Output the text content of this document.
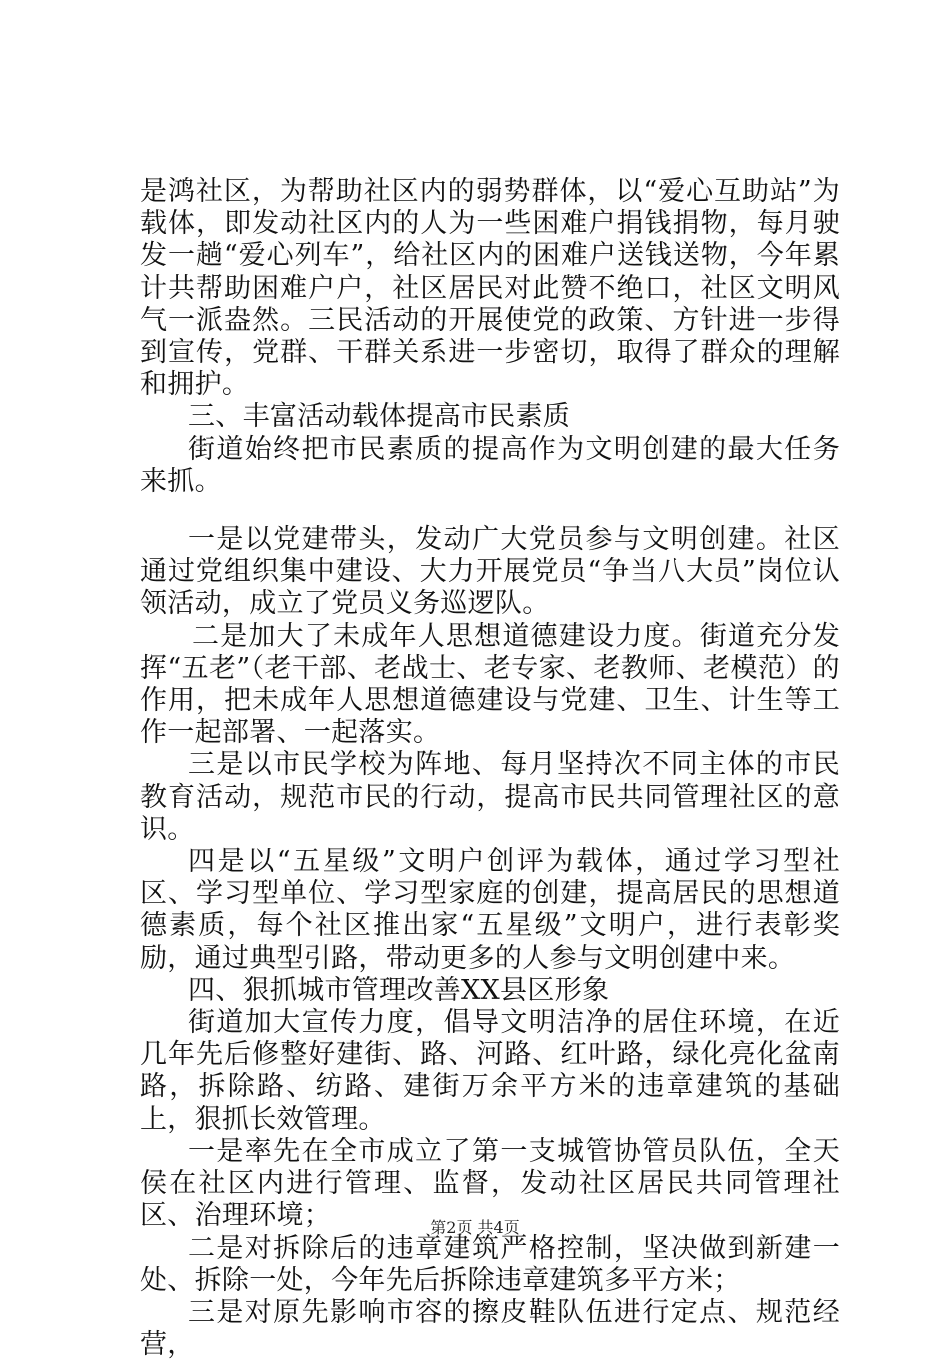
是鸿社区，为帮助社区内的弱势群体，以“爱心互助站”为载体，即发动社区内的人为一些困难户捐钱捐物，每月驶发一趟“爱心列车”，给社区内的困难户送钱送物，今年累计共帮助困难户户，社区居民对此赞不绝口，社区文明风气一派盎然。三民活动的开展使党的政策、方针进一步得到宣传，党群、干群关系进一步密切，取得了群众的理解和拥护。

三、丰富活动载体提高市民素质

街道始终把市民素质的提高作为文明创建的最大任务来抓。

一是以党建带头，发动广大党员参与文明创建。社区通过党组织集中建设、大力开展党员“争当八大员”岗位认领活动，成立了党员义务巡逻队。

二是加大了未成年人思想道德建设力度。街道充分发挥“五老”（老干部、老战士、老专家、老教师、老模范）的作用，把未成年人思想道德建设与党建、卫生、计生等工作一起部署、一起落实。

三是以市民学校为阵地、每月坚持次不同主体的市民教育活动，规范市民的行动，提高市民共同管理社区的意识。

四是以“五星级”文明户创评为载体，通过学习型社区、学习型单位、学习型家庭的创建，提高居民的思想道德素质，每个社区推出家“五星级”文明户，进行表彰奖励，通过典型引路，带动更多的人参与文明创建中来。

四、狠抓城市管理改善XX县区形象

街道加大宣传力度，倡导文明洁净的居住环境，在近几年先后修整好建街、路、河路、红叶路，绿化亮化盆南路，拆除路、纺路、建街万余平方米的违章建筑的基础上，狠抓长效管理。

一是率先在全市成立了第一支城管协管员队伍，全天侯在社区内进行管理、监督，发动社区居民共同管理社区、治理环境；

二是对拆除后的违章建筑严格控制，坚决做到新建一处、拆除一处，今年先后拆除违章建筑多平方米；

三是对原先影响市容的擦皮鞋队伍进行定点、规范经营，

第2页 共4页
